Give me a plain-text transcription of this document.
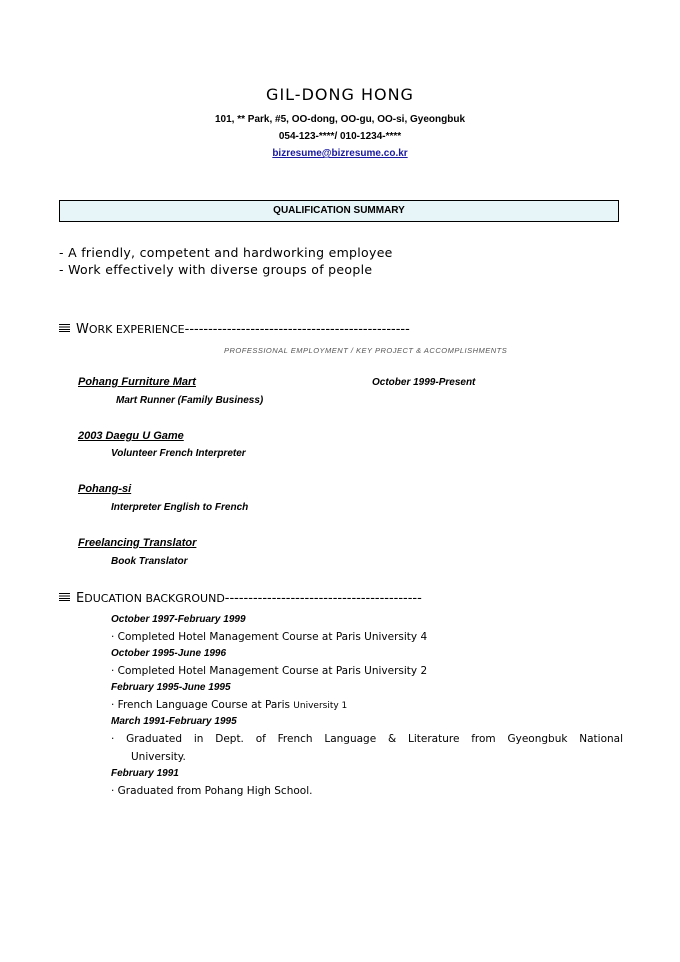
GIL-DONG HONG
101, ** Park, #5, OO-dong, OO-gu, OO-si, Gyeongbuk
054-123-****/ 010-1234-****
bizresume@bizresume.co.kr
QUALIFICATION SUMMARY
- A friendly, competent and hardworking employee
- Work effectively with diverse groups of people
WORK EXPERIENCE------------------------------------------------
PROFESSIONAL EMPLOYMENT / KEY PROJECT & ACCOMPLISHMENTS
Pohang Furniture Mart	October 1999-Present
Mart Runner (Family Business)
2003 Daegu U Game
Volunteer French Interpreter
Pohang-si
Interpreter English to French
Freelancing Translator
Book Translator
EDUCATION BACKGROUND------------------------------------------
October 1997-February 1999
· Completed Hotel Management Course at Paris University 4
October 1995-June 1996
· Completed Hotel Management Course at Paris University 2
February 1995-June 1995
· French Language Course at Paris University 1
March 1991-February 1995
· Graduated in Dept. of French Language & Literature from Gyeongbuk National
University.
February 1991
· Graduated from Pohang High School.
